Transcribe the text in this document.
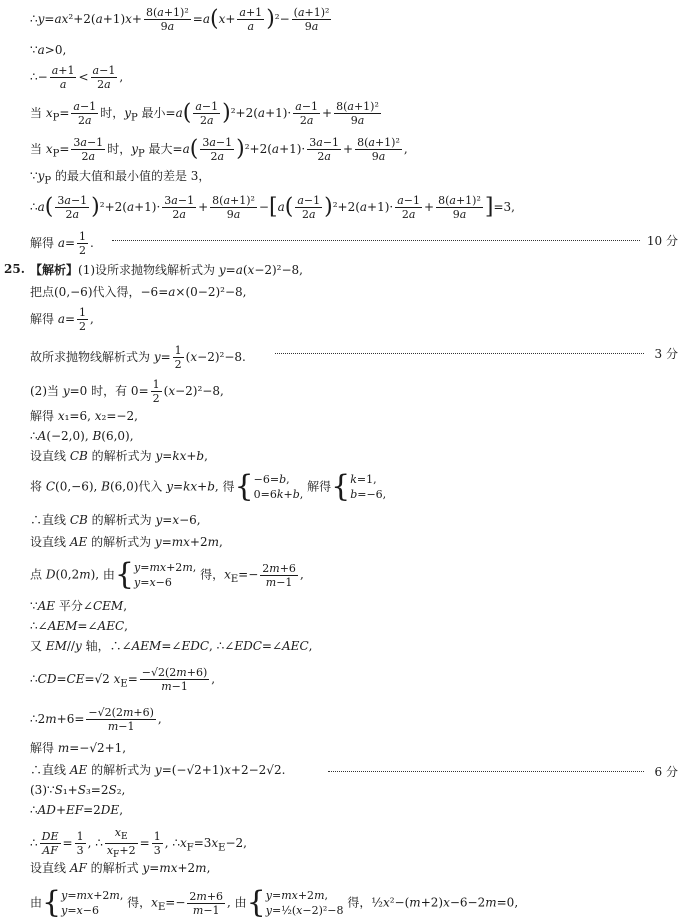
∴y=ax²+2(a+1)x+ $\frac{\text{8(a+1)²}}{9a} =a(x+ \frac{a+1}{a} )^2- \frac{\text{(a+1)²}}{9a}$
∵a>0,
∴− $\frac{a+1}{a} < \frac{a-1}{2a}$ ,
当 $x_P= \frac{a-1}{2a}$ 时，$y_P$ 最小$=a( \frac{a-1}{2a} )^2+2(a+1)\cdot \frac{a-1}{2a} + \frac{\text{8(a+1)²}}{9a}$
当 $x_P= \frac{3a-1}{2a}$ 时，$y_P$ 最大$=a( \frac{3a-1}{2a} )^2+2(a+1)\cdot \frac{3a-1}{2a} + \frac{\text{8(a+1)²}}{9a}$ ,
$\because y_P$ 的最大值和最小值的差是 3，
∴a( $\frac{3a-1}{2a} )^2+2(a+1)\cdot \frac{3a-1}{2a} + \frac{\text{8(a+1)²}}{9a} -[a( \frac{a-1}{2a} )^2+2(a+1)\cdot \frac{a-1}{2a} + \frac{\text{8(a+1)²}}{9a} ]=3$,
解得 $a= \frac{1}{2}$ .	10 分
25. 【解析】(1)设所求抛物线解析式为 y=a(x−2)²−8,
把点(0,−6)代入得，−6=a×(0−2)²−8,
解得 $a= \frac{1}{2}$ ,
故所求抛物线解析式为 $y= \frac{1}{2} (x-2)^2-8$.	3 分
(2)当 y=0 时，有 $0= \frac{1}{2} (x-2)^2-8$,
解得 x₁=6, x₂=−2,
∴A(−2,0), B(6,0),
设直线 CB 的解析式为 y=kx+b,
将 C(0,−6), B(6,0)代入 y=kx+b, 得{−6=b,
0=6k+b, 解得{k=1,
b=−6,
∴直线 CB 的解析式为 y=x−6,
设直线 AE 的解析式为 y=mx+2m,
点 D(0,2m), 由{y=mx+2m,
y=x−6 得，$x_E=- \frac{2m+6}{m-1}$ ,
∵AE 平分∠CEM,
∴∠AEM=∠AEC,
又 EM//y 轴，∴∠AEM=∠EDC, ∴∠EDC=∠AEC,
∴CD=CE=√2 $x_E= \frac{-√2(2m+6)}{m-1}$ ,
∴2m+6= $\frac{-√2(2m+6)}{m-1}$ ,
解得 m=−√2+1,
∴直线 AE 的解析式为 y=(−√2+1)x+2−2√2.	6 分
(3)∵S₁+S₃=2S₂,
∴AD+EF=2DE,
∴ $\frac{DE}{AF} = \frac{1}{3}$ , ∴ $\frac{x_E}{x_F+2} = \frac{1}{3}$ , $\therefore x_F=3x_E-2$,
设直线 AF 的解析式 y=mx+2m,
由{y=mx+2m,
y=x−6 得，$x_E=- \frac{2m+6}{m-1}$ , 由{y=mx+2m,
y=½(x−2)²−8 得，½x²−(m+2)x−6−2m=0,
